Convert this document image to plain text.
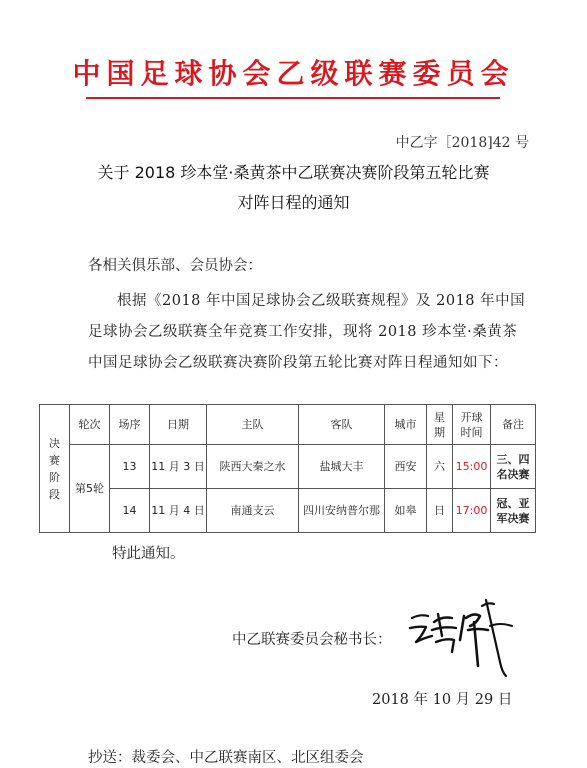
中国足球协会乙级联赛委员会
中乙字［2018]42 号
关于 2018 珍本堂·桑黄茶中乙联赛决赛阶段第五轮比赛
对阵日程的通知
各相关俱乐部、会员协会：
根据《2018 年中国足球协会乙级联赛规程》及 2018 年中国足球协会乙级联赛全年竞赛工作安排，现将 2018 珍本堂·桑黄茶中国足球协会乙级联赛决赛阶段第五轮比赛对阵日程通知如下：
决赛阶段	轮次	场序	日期	主队	客队	城市	星期	开球时间	备注
	第5轮	13	11 月 3 日	陕西大秦之水	盐城大丰	西安	六	15:00	三、四名决赛
		14	11 月 4 日	南通支云	四川安纳普尔那	如皋	日	17:00	冠、亚军决赛
特此通知。
中乙联赛委员会秘书长：
2018 年 10 月 29 日
抄送：裁委会、中乙联赛南区、北区组委会
